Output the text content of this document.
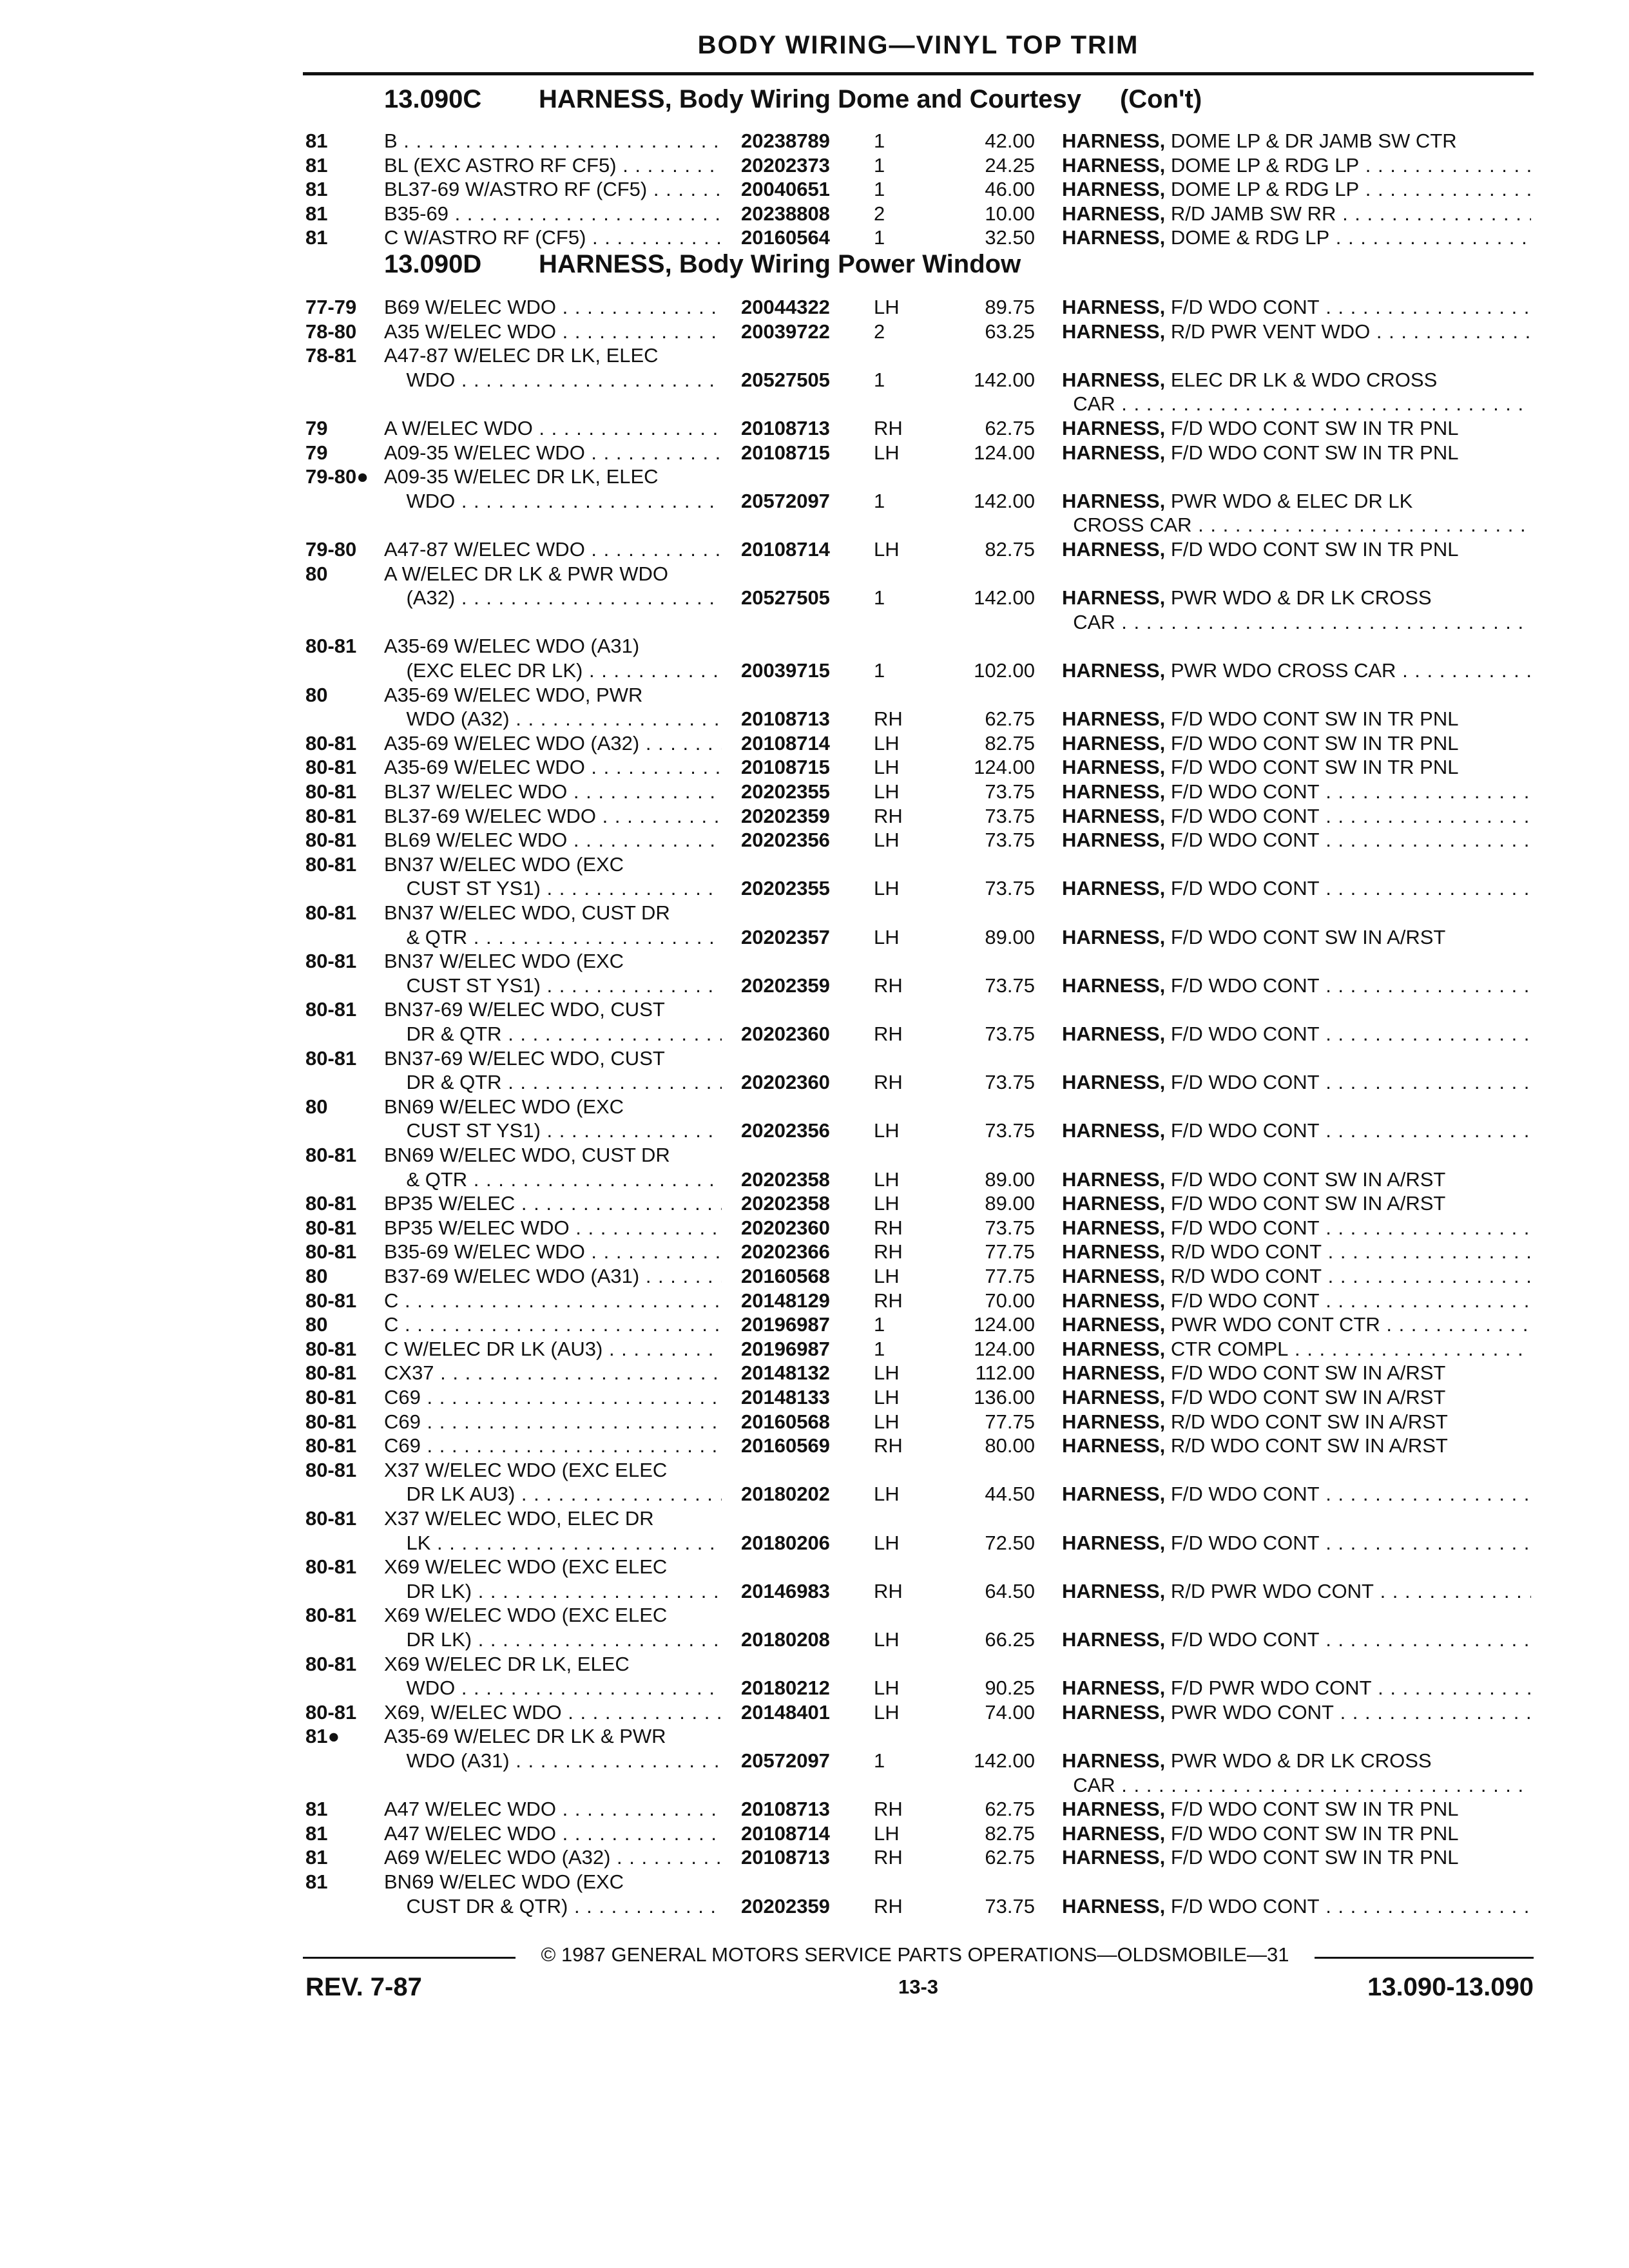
BODY WIRING—VINYL TOP TRIM
13.090C HARNESS, Body Wiring Dome and Courtesy (Con't)
81	B . . .	20238789	1	42.00 HARNESS, DOME LP & DR JAMB SW CTR
81	BL (EXC ASTRO RF CF5) . . .	20202373	1	24.25 HARNESS, DOME LP & RDG LP . . .
81	BL37-69 W/ASTRO RF (CF5) . . .	20040651	1	46.00 HARNESS, DOME LP & RDG LP . . .
81	B35-69 . . .	20238808	2	10.00 HARNESS, R/D JAMB SW RR . . .
81	C W/ASTRO RF (CF5) . . .	20160564	1	32.50 HARNESS, DOME & RDG LP . . .
13.090D HARNESS, Body Wiring Power Window
77-79	B69 W/ELEC WDO . . .	20044322	LH	89.75 HARNESS, F/D WDO CONT . . .
78-80	A35 W/ELEC WDO . . .	20039722	2	63.25 HARNESS, R/D PWR VENT WDO . . .
78-81	A47-87 W/ELEC DR LK, ELEC
WDO . . .	20527505	1	142.00 HARNESS, ELEC DR LK & WDO CROSS
CAR . . .
79	A W/ELEC WDO . . .	20108713	RH	62.75 HARNESS, F/D WDO CONT SW IN TR PNL
79	A09-35 W/ELEC WDO . . .	20108715	LH	124.00 HARNESS, F/D WDO CONT SW IN TR PNL
79-80● A09-35 W/ELEC DR LK, ELEC
WDO . . .	20572097	1	142.00 HARNESS, PWR WDO & ELEC DR LK
CROSS CAR . . .
79-80	A47-87 W/ELEC WDO . . .	20108714	LH	82.75 HARNESS, F/D WDO CONT SW IN TR PNL
80	A W/ELEC DR LK & PWR WDO
(A32) . . .	20527505	1	142.00 HARNESS, PWR WDO & DR LK CROSS
CAR . . .
80-81	A35-69 W/ELEC WDO (A31)
(EXC ELEC DR LK) . . .	20039715	1	102.00 HARNESS, PWR WDO CROSS CAR . . .
80	A35-69 W/ELEC WDO, PWR
WDO (A32) . . .	20108713	RH	62.75 HARNESS, F/D WDO CONT SW IN TR PNL
80-81	A35-69 W/ELEC WDO (A32) . . .	20108714	LH	82.75 HARNESS, F/D WDO CONT SW IN TR PNL
80-81	A35-69 W/ELEC WDO . . .	20108715	LH	124.00 HARNESS, F/D WDO CONT SW IN TR PNL
80-81	BL37 W/ELEC WDO . . .	20202355	LH	73.75 HARNESS, F/D WDO CONT . . .
80-81	BL37-69 W/ELEC WDO . . .	20202359	RH	73.75 HARNESS, F/D WDO CONT . . .
80-81	BL69 W/ELEC WDO . . .	20202356	LH	73.75 HARNESS, F/D WDO CONT . . .
80-81	BN37 W/ELEC WDO (EXC
CUST ST YS1) . . .	20202355	LH	73.75 HARNESS, F/D WDO CONT . . .
80-81	BN37 W/ELEC WDO, CUST DR
& QTR . . .	20202357	LH	89.00 HARNESS, F/D WDO CONT SW IN A/RST
80-81	BN37 W/ELEC WDO (EXC
CUST ST YS1) . . .	20202359	RH	73.75 HARNESS, F/D WDO CONT . . .
80-81	BN37-69 W/ELEC WDO, CUST
DR & QTR . . .	20202360	RH	73.75 HARNESS, F/D WDO CONT . . .
80-81	BN37-69 W/ELEC WDO, CUST
DR & QTR . . .	20202360	RH	73.75 HARNESS, F/D WDO CONT . . .
80	BN69 W/ELEC WDO (EXC
CUST ST YS1) . . .	20202356	LH	73.75 HARNESS, F/D WDO CONT . . .
80-81	BN69 W/ELEC WDO, CUST DR
& QTR . . .	20202358	LH	89.00 HARNESS, F/D WDO CONT SW IN A/RST
80-81	BP35 W/ELEC . . .	20202358	LH	89.00 HARNESS, F/D WDO CONT SW IN A/RST
80-81	BP35 W/ELEC WDO . . .	20202360	RH	73.75 HARNESS, F/D WDO CONT . . .
80-81	B35-69 W/ELEC WDO . . .	20202366	RH	77.75 HARNESS, R/D WDO CONT . . .
80	B37-69 W/ELEC WDO (A31) . . .	20160568	LH	77.75 HARNESS, R/D WDO CONT . . .
80-81	C . . .	20148129	RH	70.00 HARNESS, F/D WDO CONT . . .
80	C . . .	20196987	1	124.00 HARNESS, PWR WDO CONT CTR . . .
80-81	C W/ELEC DR LK (AU3) . . .	20196987	1	124.00 HARNESS, CTR COMPL . . .
80-81	CX37 . . .	20148132	LH	112.00 HARNESS, F/D WDO CONT SW IN A/RST
80-81	C69 . . .	20148133	LH	136.00 HARNESS, F/D WDO CONT SW IN A/RST
80-81	C69 . . .	20160568	LH	77.75 HARNESS, R/D WDO CONT SW IN A/RST
80-81	C69 . . .	20160569	RH	80.00 HARNESS, R/D WDO CONT SW IN A/RST
80-81	X37 W/ELEC WDO (EXC ELEC
DR LK AU3) . . .	20180202	LH	44.50 HARNESS, F/D WDO CONT . . .
80-81	X37 W/ELEC WDO, ELEC DR
LK . . .	20180206	LH	72.50 HARNESS, F/D WDO CONT . . .
80-81	X69 W/ELEC WDO (EXC ELEC
DR LK) . . .	20146983	RH	64.50 HARNESS, R/D PWR WDO CONT . . .
80-81	X69 W/ELEC WDO (EXC ELEC
DR LK) . . .	20180208	LH	66.25 HARNESS, F/D WDO CONT . . .
80-81	X69 W/ELEC DR LK, ELEC
WDO . . .	20180212	LH	90.25 HARNESS, F/D PWR WDO CONT . . .
80-81	X69, W/ELEC WDO . . .	20148401	LH	74.00 HARNESS, PWR WDO CONT . . .
81●	A35-69 W/ELEC DR LK & PWR
WDO (A31) . . .	20572097	1	142.00 HARNESS, PWR WDO & DR LK CROSS
CAR . . .
81	A47 W/ELEC WDO . . .	20108713	RH	62.75 HARNESS, F/D WDO CONT SW IN TR PNL
81	A47 W/ELEC WDO . . .	20108714	LH	82.75 HARNESS, F/D WDO CONT SW IN TR PNL
81	A69 W/ELEC WDO (A32) . . .	20108713	RH	62.75 HARNESS, F/D WDO CONT SW IN TR PNL
81	BN69 W/ELEC WDO (EXC
CUST DR & QTR) . . .	20202359	RH	73.75 HARNESS, F/D WDO CONT . . .
© 1987 GENERAL MOTORS SERVICE PARTS OPERATIONS—OLDSMOBILE—31
REV. 7-87	13-3	13.090-13.090
